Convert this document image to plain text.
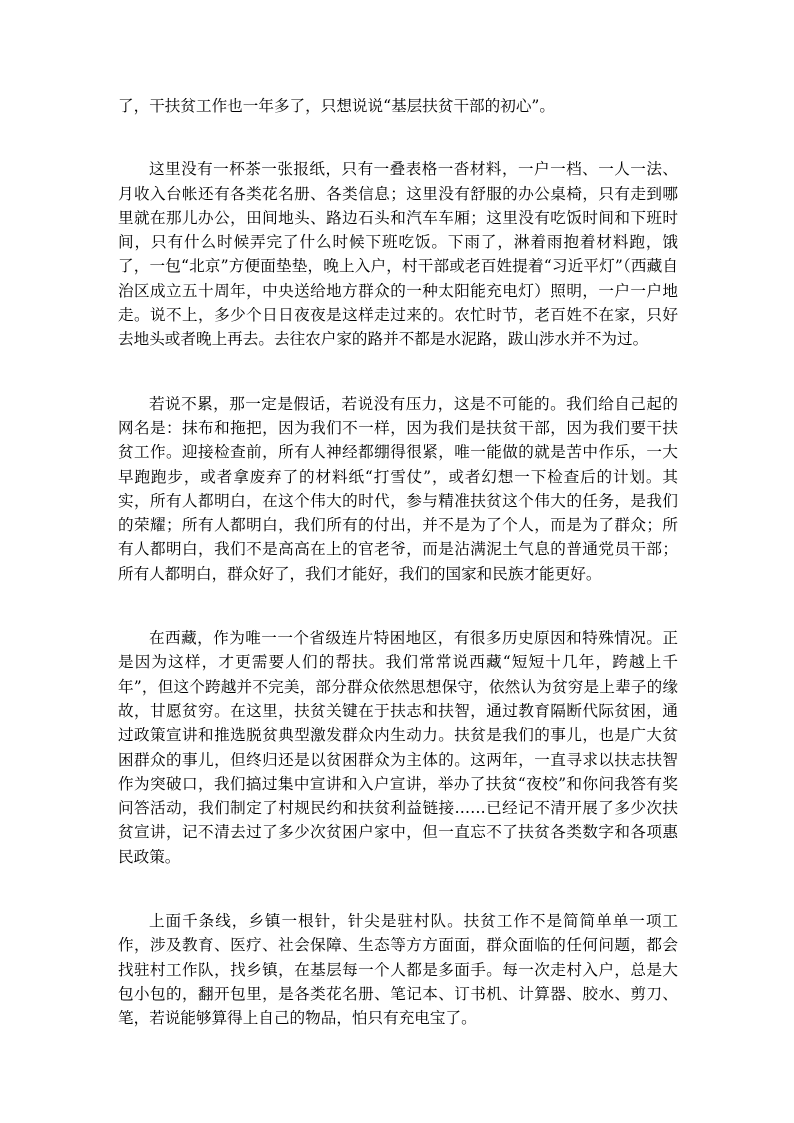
了，干扶贫工作也一年多了，只想说说“基层扶贫干部的初心”。

这里没有一杯茶一张报纸，只有一叠表格一沓材料，一户一档、一人一法、月收入台帐还有各类花名册、各类信息；这里没有舒服的办公桌椅，只有走到哪里就在那儿办公，田间地头、路边石头和汽车车厢；这里没有吃饭时间和下班时间，只有什么时候弄完了什么时候下班吃饭。下雨了，淋着雨抱着材料跑，饿了，一包“北京”方便面垫垫，晚上入户，村干部或老百姓提着“习近平灯”（西藏自治区成立五十周年，中央送给地方群众的一种太阳能充电灯）照明，一户一户地走。说不上，多少个日日夜夜是这样走过来的。农忙时节，老百姓不在家，只好去地头或者晚上再去。去往农户家的路并不都是水泥路，跋山涉水并不为过。

若说不累，那一定是假话，若说没有压力，这是不可能的。我们给自己起的网名是：抹布和拖把，因为我们不一样，因为我们是扶贫干部，因为我们要干扶贫工作。迎接检查前，所有人神经都绷得很紧，唯一能做的就是苦中作乐，一大早跑跑步，或者拿废弃了的材料纸“打雪仗”，或者幻想一下检查后的计划。其实，所有人都明白，在这个伟大的时代，参与精准扶贫这个伟大的任务，是我们的荣耀；所有人都明白，我们所有的付出，并不是为了个人，而是为了群众；所有人都明白，我们不是高高在上的官老爷，而是沾满泥土气息的普通党员干部；所有人都明白，群众好了，我们才能好，我们的国家和民族才能更好。

在西藏，作为唯一一个省级连片特困地区，有很多历史原因和特殊情况。正是因为这样，才更需要人们的帮扶。我们常常说西藏“短短十几年，跨越上千年”，但这个跨越并不完美，部分群众依然思想保守，依然认为贫穷是上辈子的缘故，甘愿贫穷。在这里，扶贫关键在于扶志和扶智，通过教育隔断代际贫困，通过政策宣讲和推选脱贫典型激发群众内生动力。扶贫是我们的事儿，也是广大贫困群众的事儿，但终归还是以贫困群众为主体的。这两年，一直寻求以扶志扶智作为突破口，我们搞过集中宣讲和入户宣讲，举办了扶贫“夜校”和你问我答有奖问答活动，我们制定了村规民约和扶贫利益链接……已经记不清开展了多少次扶贫宣讲，记不清去过了多少次贫困户家中，但一直忘不了扶贫各类数字和各项惠民政策。

上面千条线，乡镇一根针，针尖是驻村队。扶贫工作不是简简单单一项工作，涉及教育、医疗、社会保障、生态等方方面面，群众面临的任何问题，都会找驻村工作队，找乡镇，在基层每一个人都是多面手。每一次走村入户，总是大包小包的，翻开包里，是各类花名册、笔记本、订书机、计算器、胶水、剪刀、笔，若说能够算得上自己的物品，怕只有充电宝了。
